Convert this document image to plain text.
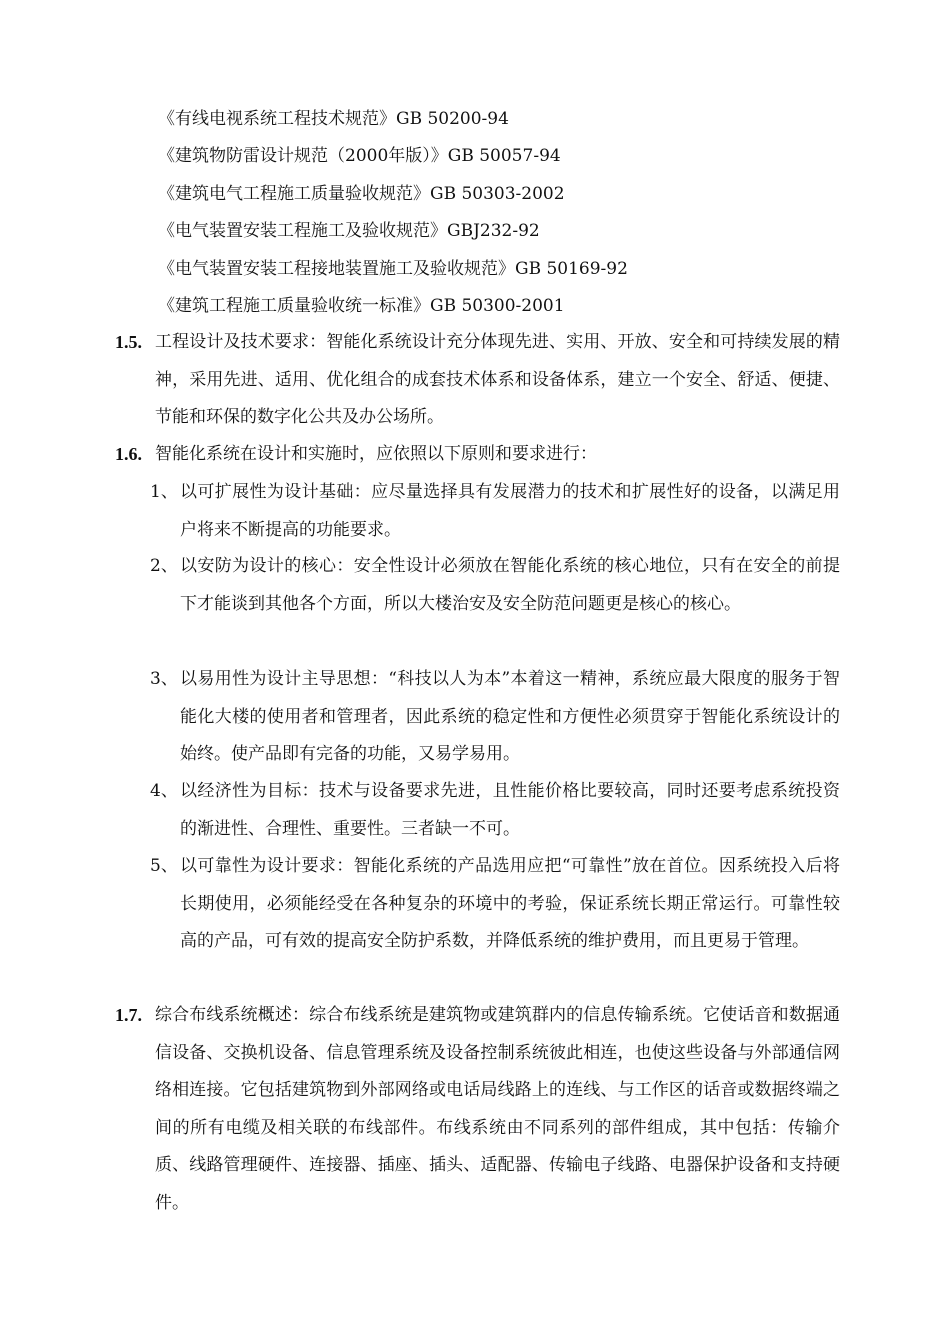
《有线电视系统工程技术规范》GB 50200-94
《建筑物防雷设计规范（2000年版）》GB 50057-94
《建筑电气工程施工质量验收规范》GB 50303-2002
《电气装置安装工程施工及验收规范》GBJ232-92
《电气装置安装工程接地装置施工及验收规范》GB 50169-92
《建筑工程施工质量验收统一标准》GB 50300-2001
1.5. 工程设计及技术要求：智能化系统设计充分体现先进、实用、开放、安全和可持续发展的精神，采用先进、适用、优化组合的成套技术体系和设备体系，建立一个安全、舒适、便捷、节能和环保的数字化公共及办公场所。
1.6. 智能化系统在设计和实施时，应依照以下原则和要求进行：
1、 以可扩展性为设计基础：应尽量选择具有发展潜力的技术和扩展性好的设备，以满足用户将来不断提高的功能要求。
2、 以安防为设计的核心：安全性设计必须放在智能化系统的核心地位，只有在安全的前提下才能谈到其他各个方面，所以大楼治安及安全防范问题更是核心的核心。
3、 以易用性为设计主导思想：“科技以人为本”本着这一精神，系统应最大限度的服务于智能化大楼的使用者和管理者，因此系统的稳定性和方便性必须贯穿于智能化系统设计的始终。使产品即有完备的功能，又易学易用。
4、 以经济性为目标：技术与设备要求先进，且性能价格比要较高，同时还要考虑系统投资的渐进性、合理性、重要性。三者缺一不可。
5、 以可靠性为设计要求：智能化系统的产品选用应把“可靠性”放在首位。因系统投入后将长期使用，必须能经受在各种复杂的环境中的考验，保证系统长期正常运行。可靠性较高的产品，可有效的提高安全防护系数，并降低系统的维护费用，而且更易于管理。
1.7. 综合布线系统概述：综合布线系统是建筑物或建筑群内的信息传输系统。它使话音和数据通信设备、交换机设备、信息管理系统及设备控制系统彼此相连，也使这些设备与外部通信网络相连接。它包括建筑物到外部网络或电话局线路上的连线、与工作区的话音或数据终端之间的所有电缆及相关联的布线部件。布线系统由不同系列的部件组成，其中包括：传输介质、线路管理硬件、连接器、插座、插头、适配器、传输电子线路、电器保护设备和支持硬件。
